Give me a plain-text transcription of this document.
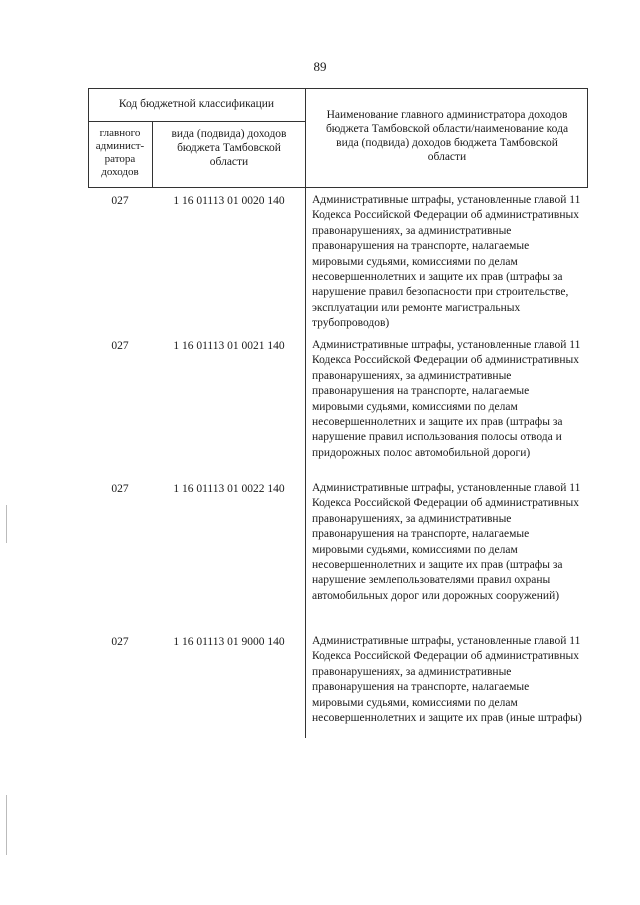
89
Код бюджетной классификации
главного админист-ратора доходов
вида (подвида) доходов бюджета Тамбовской области
Наименование главного администратора доходов бюджета Тамбовской области/наименование кода вида (подвида) доходов бюджета Тамбовской области
027	1 16 01113 01 0020 140	Административные штрафы, установленные главой 11 Кодекса Российской Федерации об административных правонарушениях, за административные правонарушения на транспорте, налагаемые мировыми судьями, комиссиями по делам несовершеннолетних и защите их прав (штрафы за нарушение правил безопасности при строительстве, эксплуатации или ремонте магистральных трубопроводов)
027	1 16 01113 01 0021 140	Административные штрафы, установленные главой 11 Кодекса Российской Федерации об административных правонарушениях, за административные правонарушения на транспорте, налагаемые мировыми судьями, комиссиями по делам несовершеннолетних и защите их прав (штрафы за нарушение правил использования полосы отвода и придорожных полос автомобильной дороги)
027	1 16 01113 01 0022 140	Административные штрафы, установленные главой 11 Кодекса Российской Федерации об административных правонарушениях, за административные правонарушения на транспорте, налагаемые мировыми судьями, комиссиями по делам несовершеннолетних и защите их прав (штрафы за нарушение землепользователями правил охраны автомобильных дорог или дорожных сооружений)
027	1 16 01113 01 9000 140	Административные штрафы, установленные главой 11 Кодекса Российской Федерации об административных правонарушениях, за административные правонарушения на транспорте, налагаемые мировыми судьями, комиссиями по делам несовершеннолетних и защите их прав (иные штрафы)
